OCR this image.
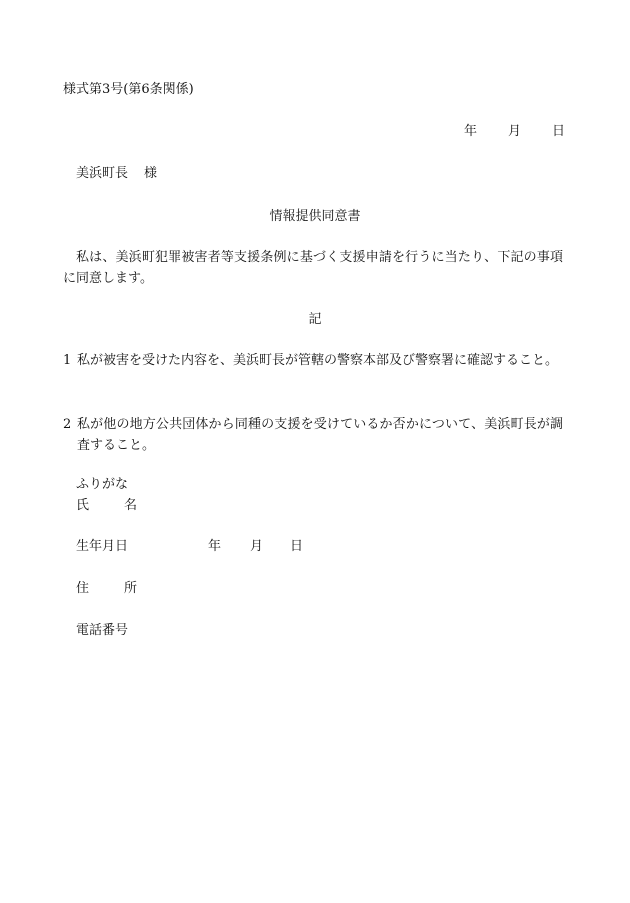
様式第3号(第6条関係)
年	月	日
美浜町長	様
情報提供同意書
私は、美浜町犯罪被害者等支援条例に基づく支援申請を行うに当たり、下記の事項に同意します。
記
1 私が被害を受けた内容を、美浜町長が管轄の警察本部及び警察署に確認すること。
2 私が他の地方公共団体から同種の支援を受けているか否かについて、美浜町長が調査すること。
ふりがな
氏	名
生年月日	年	月	日
住	所
電話番号
